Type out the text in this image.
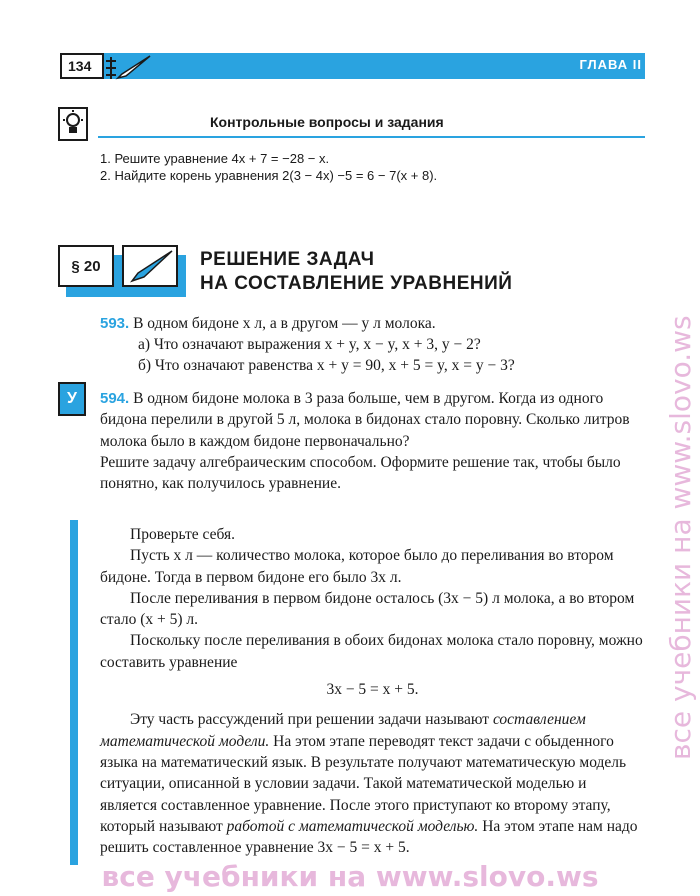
134	ГЛАВА II
Контрольные вопросы и задания
1. Решите уравнение 4x + 7 = −28 − x.
2. Найдите корень уравнения 2(3 − 4x) −5 = 6 − 7(x + 8).
§ 20	РЕШЕНИЕ ЗАДАЧ
НА СОСТАВЛЕНИЕ УРАВНЕНИЙ
593. В одном бидоне x л, а в другом — y л молока.
а) Что означают выражения x + y, x − y, x + 3, y − 2?
б) Что означают равенства x + y = 90, x + 5 = y, x = y − 3?
У	594. В одном бидоне молока в 3 раза больше, чем в другом. Когда из одного бидона перелили в другой 5 л, молока в бидонах стало поровну. Сколько литров молока было в каждом бидоне первоначально?

Решите задачу алгебраическим способом. Оформите решение так, чтобы было понятно, как получилось уравнение.

Проверьте себя.

Пусть x л — количество молока, которое было до переливания во втором бидоне. Тогда в первом бидоне его было 3x л.

После переливания в первом бидоне осталось (3x − 5) л молока, а во втором стало (x + 5) л.

Поскольку после переливания в обоих бидонах молока стало поровну, можно составить уравнение

3x − 5 = x + 5.

Эту часть рассуждений при решении задачи называют составлением математической модели. На этом этапе переводят текст задачи с обыденного языка на математический язык. В результате получают математическую модель ситуации, описанной в условии задачи. Такой математической моделью и является составленное уравнение. После этого приступают ко второму этапу, который называют работой с математической моделью. На этом этапе нам надо решить составленное уравнение 3x − 5 = x + 5.

все учебники на www.slovo.ws
все учебники на www.slovo.ws
